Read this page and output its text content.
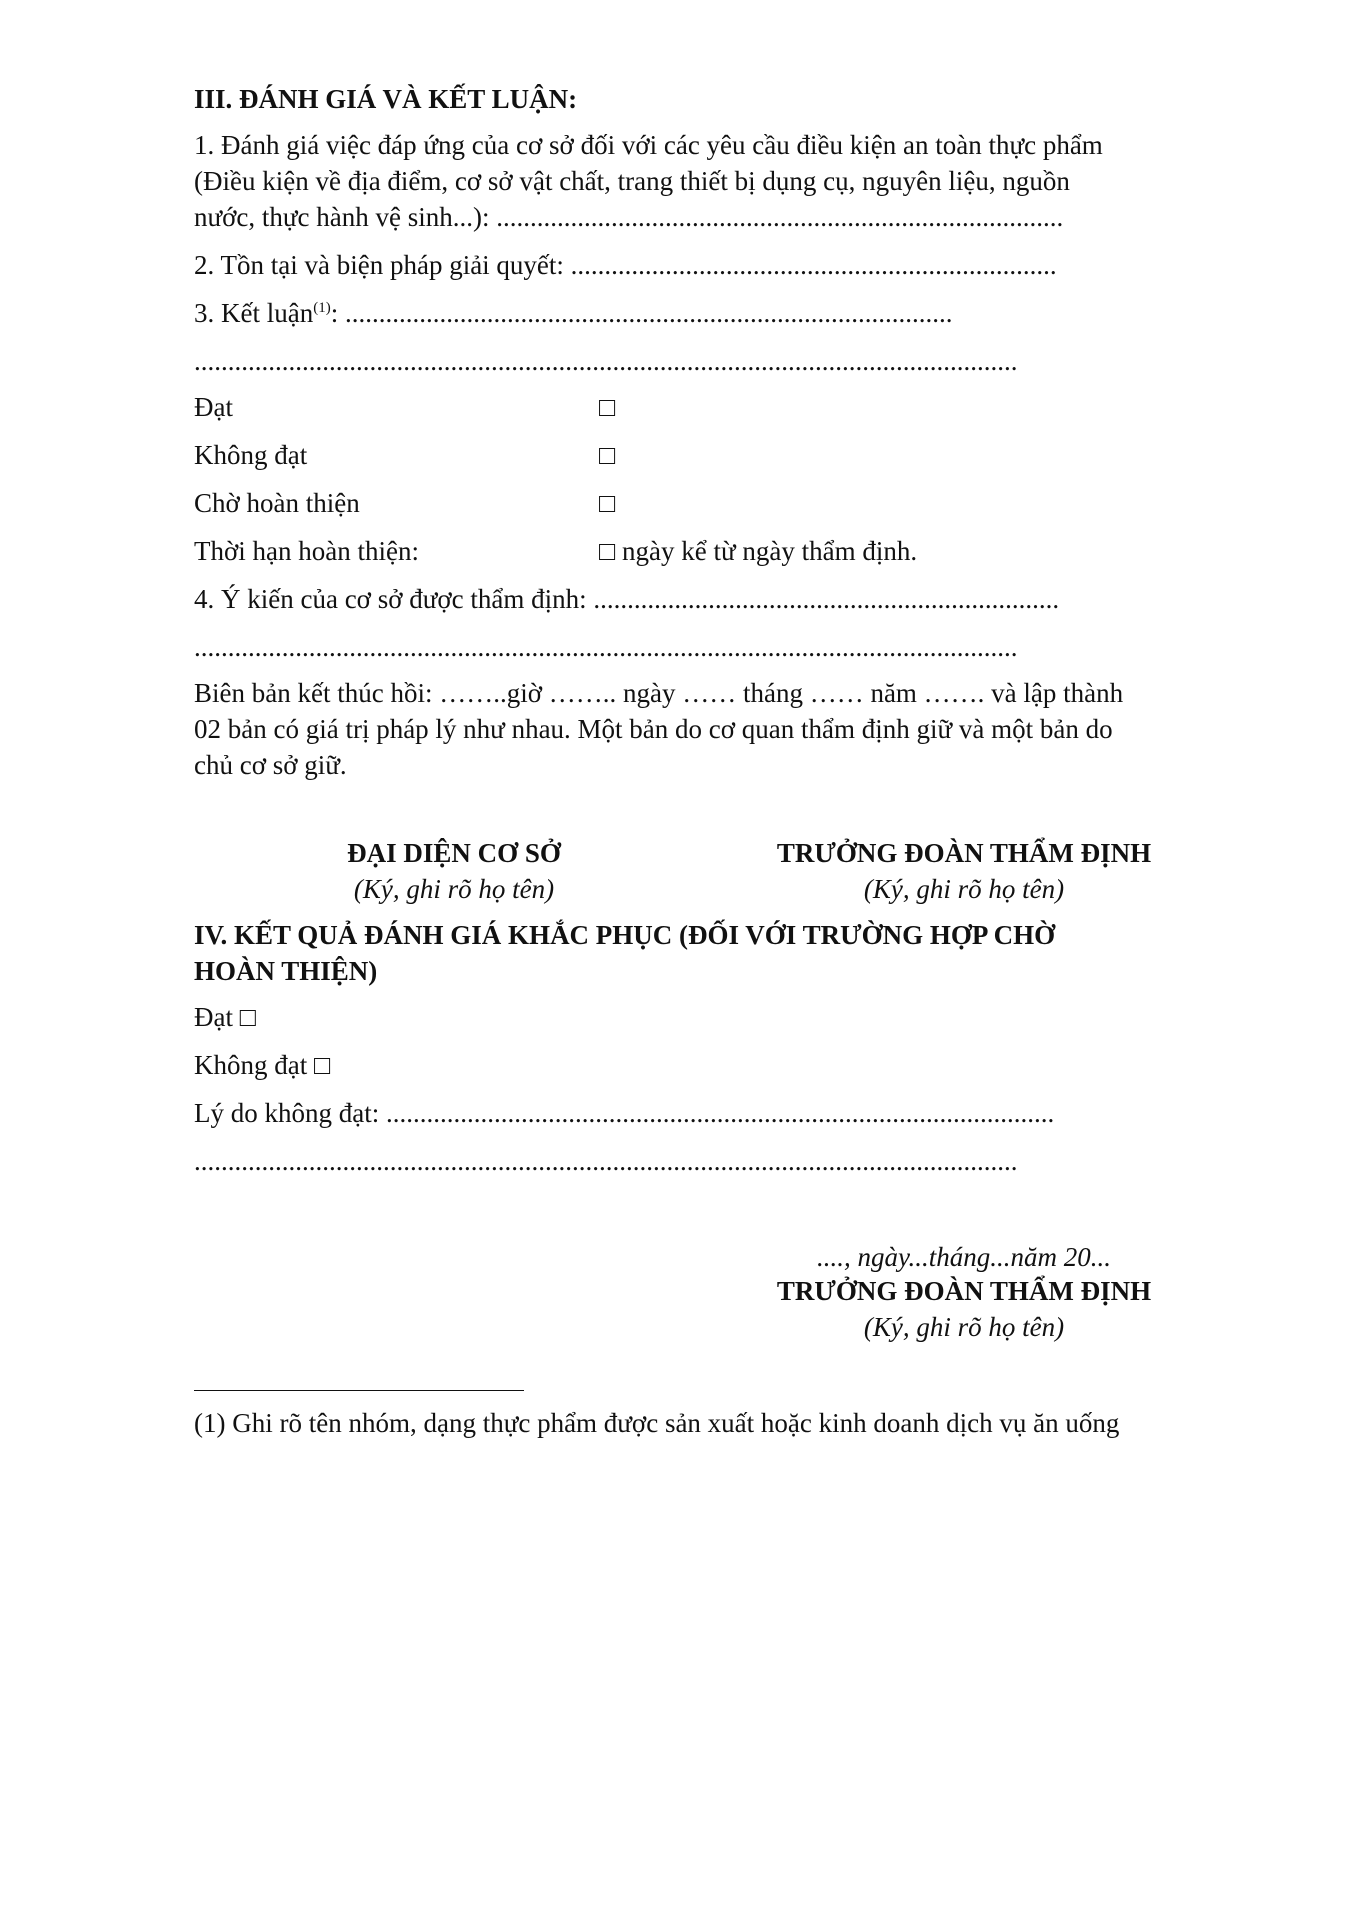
III. ĐÁNH GIÁ VÀ KẾT LUẬN:
1. Đánh giá việc đáp ứng của cơ sở đối với các yêu cầu điều kiện an toàn thực phẩm
(Điều kiện về địa điểm, cơ sở vật chất, trang thiết bị dụng cụ, nguyên liệu, nguồn
nước, thực hành vệ sinh...): ....................................................................................
2. Tồn tại và biện pháp giải quyết: ........................................................................
3. Kết luận$^{(1)}$: ..........................................................................................
..........................................................................................................................
Đạt	□
Không đạt	□
Chờ hoàn thiện	□
Thời hạn hoàn thiện:	□ ngày kể từ ngày thẩm định.
4. Ý kiến của cơ sở được thẩm định: .....................................................................
..........................................................................................................................
Biên bản kết thúc hồi: ……..giờ …….. ngày …… tháng …… năm ……. và lập thành
02 bản có giá trị pháp lý như nhau. Một bản do cơ quan thẩm định giữ và một bản do
chủ cơ sở giữ.
ĐẠI DIỆN CƠ SỞ
(Ký, ghi rõ họ tên)
TRƯỞNG ĐOÀN THẨM ĐỊNH
(Ký, ghi rõ họ tên)
IV. KẾT QUẢ ĐÁNH GIÁ KHẮC PHỤC (ĐỐI VỚI TRƯỜNG HỢP CHỜ
HOÀN THIỆN)
Đạt □
Không đạt □
Lý do không đạt: ...................................................................................................
..........................................................................................................................
...., ngày...tháng...năm 20...
TRƯỞNG ĐOÀN THẨM ĐỊNH
(Ký, ghi rõ họ tên)
(1) Ghi rõ tên nhóm, dạng thực phẩm được sản xuất hoặc kinh doanh dịch vụ ăn uống
